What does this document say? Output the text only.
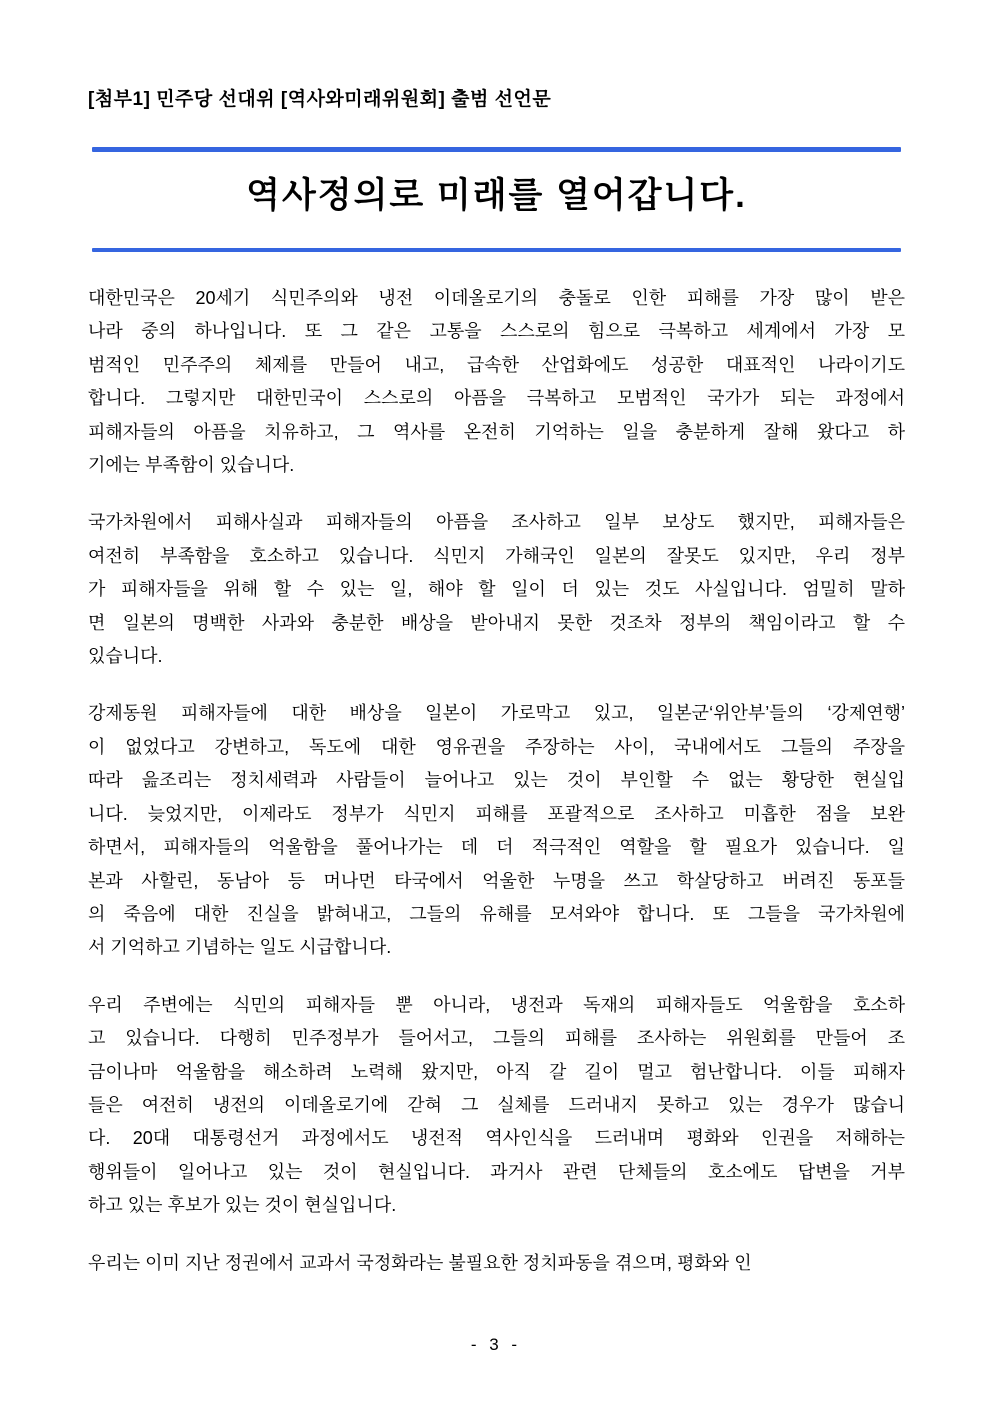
[첨부1] 민주당 선대위 [역사와미래위원회] 출범 선언문
역사정의로 미래를 열어갑니다.
대한민국은 20세기 식민주의와 냉전 이데올로기의 충돌로 인한 피해를 가장 많이 받은
나라 중의 하나입니다. 또 그 같은 고통을 스스로의 힘으로 극복하고 세계에서 가장 모
범적인 민주주의 체제를 만들어 내고, 급속한 산업화에도 성공한 대표적인 나라이기도
합니다. 그렇지만 대한민국이 스스로의 아픔을 극복하고 모범적인 국가가 되는 과정에서
피해자들의 아픔을 치유하고, 그 역사를 온전히 기억하는 일을 충분하게 잘해 왔다고 하
기에는 부족함이 있습니다.
국가차원에서 피해사실과 피해자들의 아픔을 조사하고 일부 보상도 했지만, 피해자들은
여전히 부족함을 호소하고 있습니다. 식민지 가해국인 일본의 잘못도 있지만, 우리 정부
가 피해자들을 위해 할 수 있는 일, 해야 할 일이 더 있는 것도 사실입니다. 엄밀히 말하
면 일본의 명백한 사과와 충분한 배상을 받아내지 못한 것조차 정부의 책임이라고 할 수
있습니다.
강제동원 피해자들에 대한 배상을 일본이 가로막고 있고, 일본군‘위안부’들의 ‘강제연행’
이 없었다고 강변하고, 독도에 대한 영유권을 주장하는 사이, 국내에서도 그들의 주장을
따라 읊조리는 정치세력과 사람들이 늘어나고 있는 것이 부인할 수 없는 황당한 현실입
니다. 늦었지만, 이제라도 정부가 식민지 피해를 포괄적으로 조사하고 미흡한 점을 보완
하면서, 피해자들의 억울함을 풀어나가는 데 더 적극적인 역할을 할 필요가 있습니다. 일
본과 사할린, 동남아 등 머나먼 타국에서 억울한 누명을 쓰고 학살당하고 버려진 동포들
의 죽음에 대한 진실을 밝혀내고, 그들의 유해를 모셔와야 합니다. 또 그들을 국가차원에
서 기억하고 기념하는 일도 시급합니다.
우리 주변에는 식민의 피해자들 뿐 아니라, 냉전과 독재의 피해자들도 억울함을 호소하
고 있습니다. 다행히 민주정부가 들어서고, 그들의 피해를 조사하는 위원회를 만들어 조
금이나마 억울함을 해소하려 노력해 왔지만, 아직 갈 길이 멀고 험난합니다. 이들 피해자
들은 여전히 냉전의 이데올로기에 갇혀 그 실체를 드러내지 못하고 있는 경우가 많습니
다. 20대 대통령선거 과정에서도 냉전적 역사인식을 드러내며 평화와 인권을 저해하는
행위들이 일어나고 있는 것이 현실입니다. 과거사 관련 단체들의 호소에도 답변을 거부
하고 있는 후보가 있는 것이 현실입니다.
우리는 이미 지난 정권에서 교과서 국정화라는 불필요한 정치파동을 겪으며, 평화와 인
- 3 -
